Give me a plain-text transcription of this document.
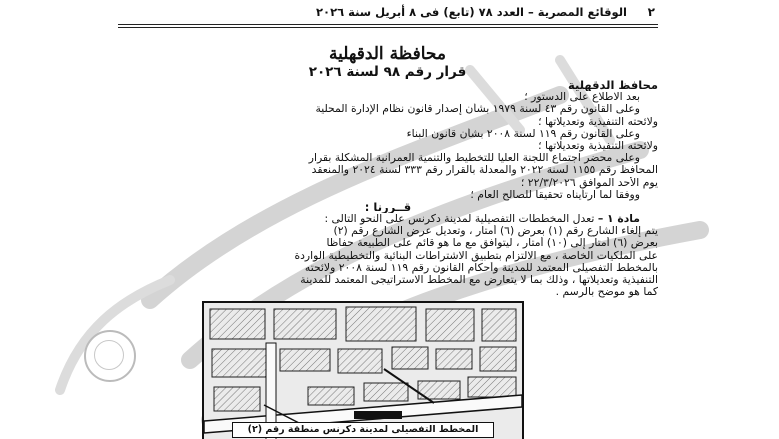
٢
الوقائع المصرية – العدد ٧٨ (تابع) فى ٨ أبريل سنة ٢٠٢٦
محافظة الدقهلية
قرار رقم ٩٨ لسنة ٢٠٢٦
محافظ الدقهلية
بعد الاطلاع على الدستور ؛
وعلى القانون رقم ٤٣ لسنة ١٩٧٩ بشأن إصدار قانون نظام الإدارة المحلية
ولائحته التنفيذية وتعديلاتها ؛
وعلى القانون رقم ١١٩ لسنة ٢٠٠٨ بشأن قانون البناء
ولائحته التنفيذية وتعديلاتها ؛
وعلى محضر اجتماع اللجنة العليا للتخطيط والتنمية العمرانية المشكلة بقرار
المحافظ رقم ١١٥٥ لسنة ٢٠٢٢ والمعدلة بالقرار رقم ٣٣٣ لسنة ٢٠٢٤ والمنعقد
يوم الأحد الموافق ٢٢/٣/٢٠٢٦ ؛
ووفقا لما ارتأيناه تحقيقا للصالح العام ؛
قــررنا :
مادة ١ – تعدل المخططات التفصيلية لمدينة دكرنس على النحو التالى :
يتم إلغاء الشارع رقم (١) بعرض (٦) أمتار ، وتعديل عرض الشارع رقم (٢)
بعرض (٦) أمتار إلى (١٠) أمتار ، ليتوافق مع ما هو قائم على الطبيعة حفاظا
على الملكيات الخاصة ، مع الالتزام بتطبيق الاشتراطات البنائية والتخطيطية الواردة
بالمخطط التفصيلى المعتمد للمدينة وأحكام القانون رقم ١١٩ لسنة ٢٠٠٨ ولائحته
التنفيذية وتعديلاتها ، وذلك بما لا يتعارض مع المخطط الاستراتيجى المعتمد للمدينة
كما هو موضح بالرسم .
المخطط التفصيلى لمدينة دكرنس منطقة رقم (٢)
